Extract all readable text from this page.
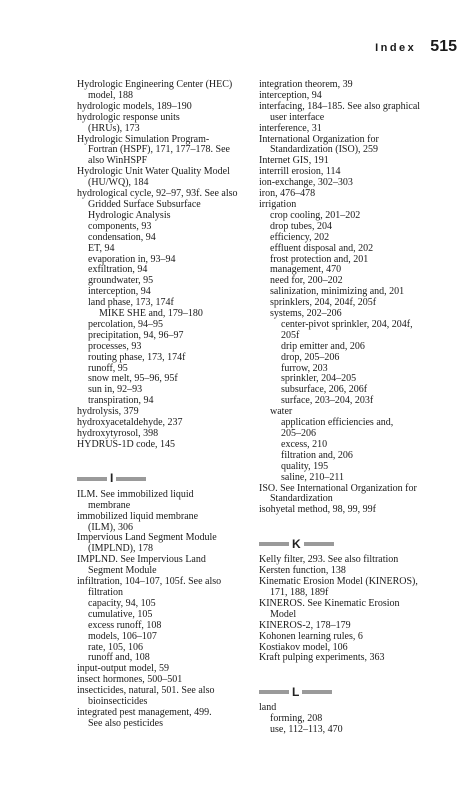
Index 515
Hydrologic Engineering Center (HEC)
model, 188
hydrologic models, 189–190
hydrologic response units
(HRUs), 173
Hydrologic Simulation Program-
Fortran (HSPF), 171, 177–178. See
also WinHSPF
Hydrologic Unit Water Quality Model
(HU/WQ), 184
hydrological cycle, 92–97, 93f. See also
Gridded Surface Subsurface
Hydrologic Analysis
components, 93
condensation, 94
ET, 94
evaporation in, 93–94
exfiltration, 94
groundwater, 95
interception, 94
land phase, 173, 174f
MIKE SHE and, 179–180
percolation, 94–95
precipitation, 94, 96–97
processes, 93
routing phase, 173, 174f
runoff, 95
snow melt, 95–96, 95f
sun in, 92–93
transpiration, 94
hydrolysis, 379
hydroxyacetaldehyde, 237
hydroxytyrosol, 398
HYDRUS-1D code, 145
I
ILM. See immobilized liquid
membrane
immobilized liquid membrane
(ILM), 306
Impervious Land Segment Module
(IMPLND), 178
IMPLND. See Impervious Land
Segment Module
infiltration, 104–107, 105f. See also
filtration
capacity, 94, 105
cumulative, 105
excess runoff, 108
models, 106–107
rate, 105, 106
runoff and, 108
input-output model, 59
insect hormones, 500–501
insecticides, natural, 501. See also
bioinsecticides
integrated pest management, 499.
See also pesticides
integration theorem, 39
interception, 94
interfacing, 184–185. See also graphical
user interface
interference, 31
International Organization for
Standardization (ISO), 259
Internet GIS, 191
interrill erosion, 114
ion-exchange, 302–303
iron, 476–478
irrigation
crop cooling, 201–202
drop tubes, 204
efficiency, 202
effluent disposal and, 202
frost protection and, 201
management, 470
need for, 200–202
salinization, minimizing and, 201
sprinklers, 204, 204f, 205f
systems, 202–206
center-pivot sprinkler, 204, 204f,
205f
drip emitter and, 206
drop, 205–206
furrow, 203
sprinkler, 204–205
subsurface, 206, 206f
surface, 203–204, 203f
water
application efficiencies and,
205–206
excess, 210
filtration and, 206
quality, 195
saline, 210–211
ISO. See International Organization for
Standardization
isohyetal method, 98, 99, 99f
K
Kelly filter, 293. See also filtration
Kersten function, 138
Kinematic Erosion Model (KINEROS),
171, 188, 189f
KINEROS. See Kinematic Erosion
Model
KINEROS-2, 178–179
Kohonen learning rules, 6
Kostiakov model, 106
Kraft pulping experiments, 363
L
land
forming, 208
use, 112–113, 470
